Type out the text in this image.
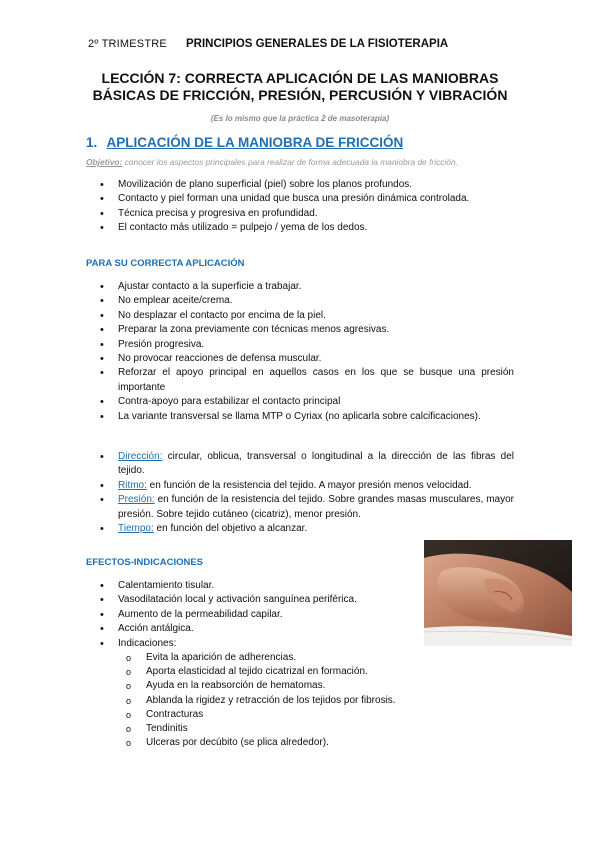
2º TRIMESTRE PRINCIPIOS GENERALES DE LA FISIOTERAPIA
LECCIÓN 7: CORRECTA APLICACIÓN DE LAS MANIOBRAS
BÁSICAS DE FRICCIÓN, PRESIÓN, PERCUSIÓN Y VIBRACIÓN
(Es lo mismo que la práctica 2 de masoterapia)
1. APLICACIÓN DE LA MANIOBRA DE FRICCIÓN
Objetivo: conocer los aspectos principales para realizar de forma adecuada la maniobra de fricción.
• Movilización de plano superficial (piel) sobre los planos profundos.
• Contacto y piel forman una unidad que busca una presión dinámica controlada.
• Técnica precisa y progresiva en profundidad.
• El contacto más utilizado = pulpejo / yema de los dedos.
PARA SU CORRECTA APLICACIÓN
• Ajustar contacto a la superficie a trabajar.
• No emplear aceite/crema.
• No desplazar el contacto por encima de la piel.
• Preparar la zona previamente con técnicas menos agresivas.
• Presión progresiva.
• No provocar reacciones de defensa muscular.
• Reforzar el apoyo principal en aquellos casos en los que se busque una presión importante
• Contra-apoyo para estabilizar el contacto principal
• La variante transversal se llama MTP o Cyriax (no aplicarla sobre calcificaciones).
• Dirección: circular, oblicua, transversal o longitudinal a la dirección de las fibras del tejido.
• Ritmo: en función de la resistencia del tejido. A mayor presión menos velocidad.
• Presión: en función de la resistencia del tejido. Sobre grandes masas musculares, mayor presión. Sobre tejido cutáneo (cicatriz), menor presión.
• Tiempo: en función del objetivo a alcanzar.
EFECTOS-INDICACIONES
• Calentamiento tisular.
• Vasodilatación local y activación sanguínea periférica.
• Aumento de la permeabilidad capilar.
• Acción antálgica.
• Indicaciones:
o Evita la aparición de adherencias.
o Aporta elasticidad al tejido cicatrizal en formación.
o Ayuda en la reabsorción de hematomas.
o Ablanda la rigidez y retracción de los tejidos por fibrosis.
o Contracturas
o Tendinitis
o Ulceras por decúbito (se plica alrededor).
